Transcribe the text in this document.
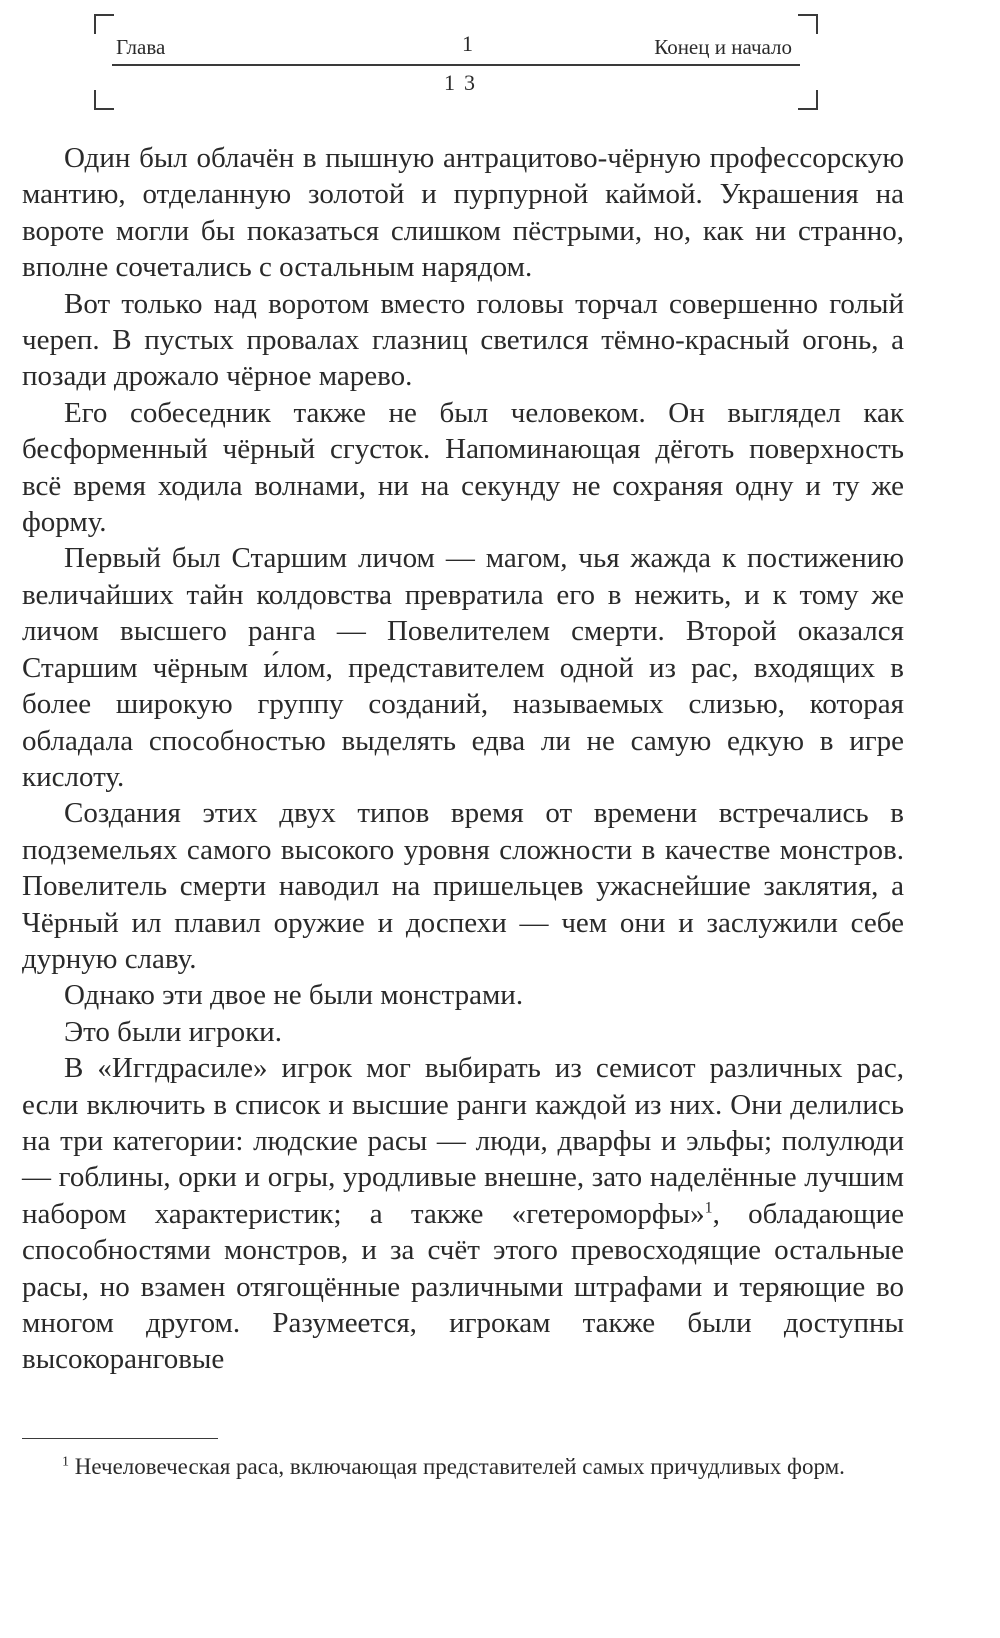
Глава	1	Конец и начало
13

Один был облачён в пышную антрацитово-чёрную профессорскую мантию, отделанную золотой и пурпурной каймой. Украшения на вороте могли бы показаться слишком пёстрыми, но, как ни странно, вполне сочетались с остальным нарядом.

Вот только над воротом вместо головы торчал совершенно голый череп. В пустых провалах глазниц светился тёмно-красный огонь, а позади дрожало чёрное марево.

Его собеседник также не был человеком. Он выглядел как бесформенный чёрный сгусток. Напоминающая дёготь поверхность всё время ходила волнами, ни на секунду не сохраняя одну и ту же форму.

Первый был Старшим личом — магом, чья жажда к постижению величайших тайн колдовства превратила его в нежить, и к тому же личом высшего ранга — Повелителем смерти. Второй оказался Старшим чёрным и́лом, представителем одной из рас, входящих в более широкую группу созданий, называемых слизью, которая обладала способностью выделять едва ли не самую едкую в игре кислоту.

Создания этих двух типов время от времени встречались в подземельях самого высокого уровня сложности в качестве монстров. Повелитель смерти наводил на пришельцев ужаснейшие заклятия, а Чёрный ил плавил оружие и доспехи — чем они и заслужили себе дурную славу.

Однако эти двое не были монстрами.

Это были игроки.

В «Иггдрасиле» игрок мог выбирать из семисот различных рас, если включить в список и высшие ранги каждой из них. Они делились на три категории: людские расы — люди, дварфы и эльфы; полулюди — гоблины, орки и огры, уродливые внешне, зато наделённые лучшим набором характеристик; а также «гетероморфы»$^1$, обладающие способностями монстров, и за счёт этого превосходящие остальные расы, но взамен отягощённые различными штрафами и теряющие во многом другом. Разумеется, игрокам также были доступны высокоранговые

$^1$ Нечеловеческая раса, включающая представителей самых причудливых форм.
